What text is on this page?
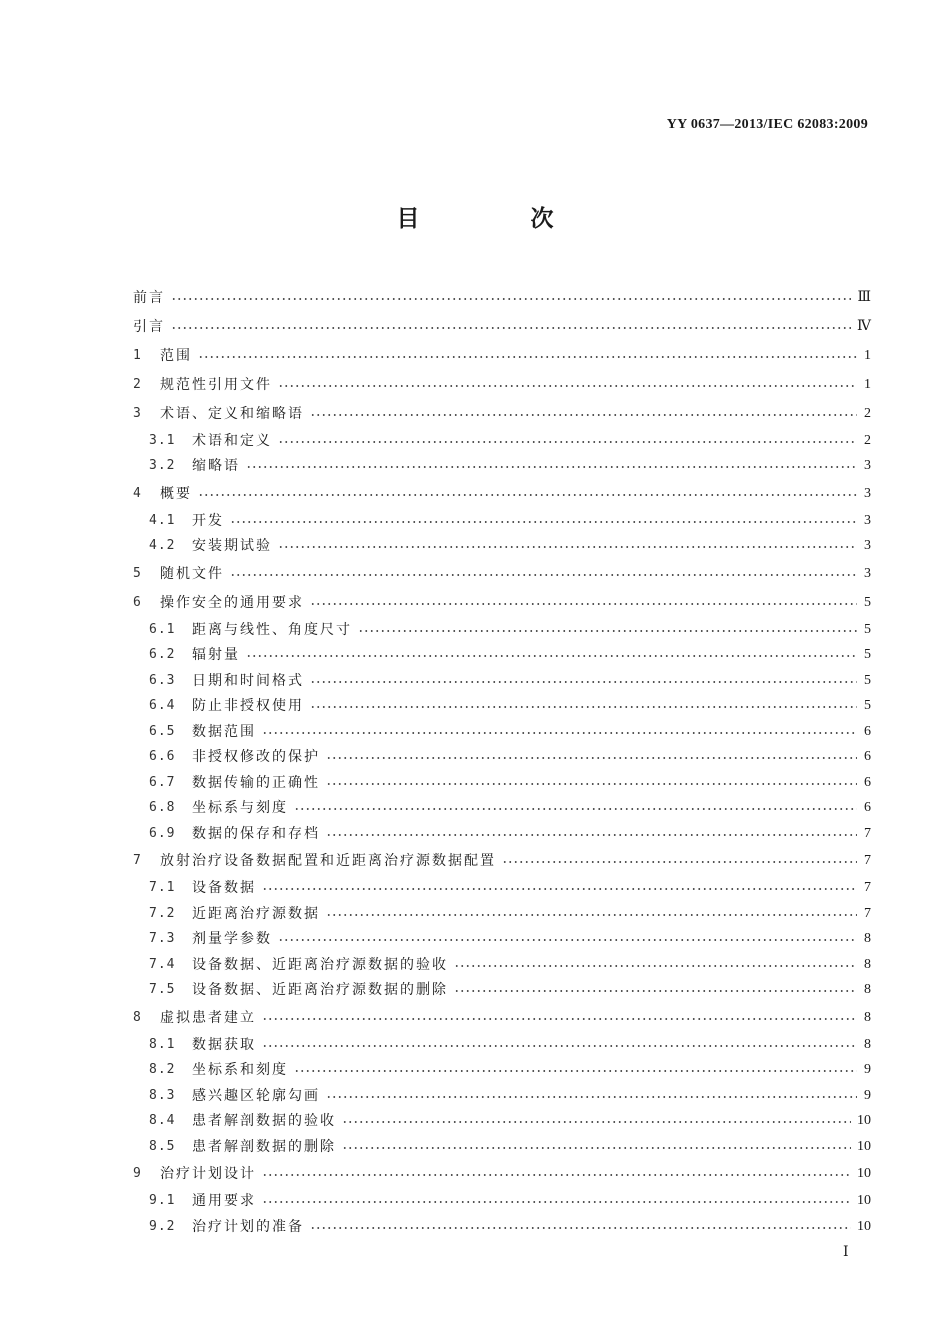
YY 0637—2013/IEC 62083:2009
目　次
前言	Ⅲ
引言	Ⅳ
1	范围	1
2	规范性引用文件	1
3	术语、定义和缩略语	2
3.1	术语和定义	2
3.2	缩略语	3
4	概要	3
4.1	开发	3
4.2	安装期试验	3
5	随机文件	3
6	操作安全的通用要求	5
6.1	距离与线性、角度尺寸	5
6.2	辐射量	5
6.3	日期和时间格式	5
6.4	防止非授权使用	5
6.5	数据范围	6
6.6	非授权修改的保护	6
6.7	数据传输的正确性	6
6.8	坐标系与刻度	6
6.9	数据的保存和存档	7
7	放射治疗设备数据配置和近距离治疗源数据配置	7
7.1	设备数据	7
7.2	近距离治疗源数据	7
7.3	剂量学参数	8
7.4	设备数据、近距离治疗源数据的验收	8
7.5	设备数据、近距离治疗源数据的删除	8
8	虚拟患者建立	8
8.1	数据获取	8
8.2	坐标系和刻度	9
8.3	感兴趣区轮廓勾画	9
8.4	患者解剖数据的验收	10
8.5	患者解剖数据的删除	10
9	治疗计划设计	10
9.1	通用要求	10
9.2	治疗计划的准备	10
Ⅰ
